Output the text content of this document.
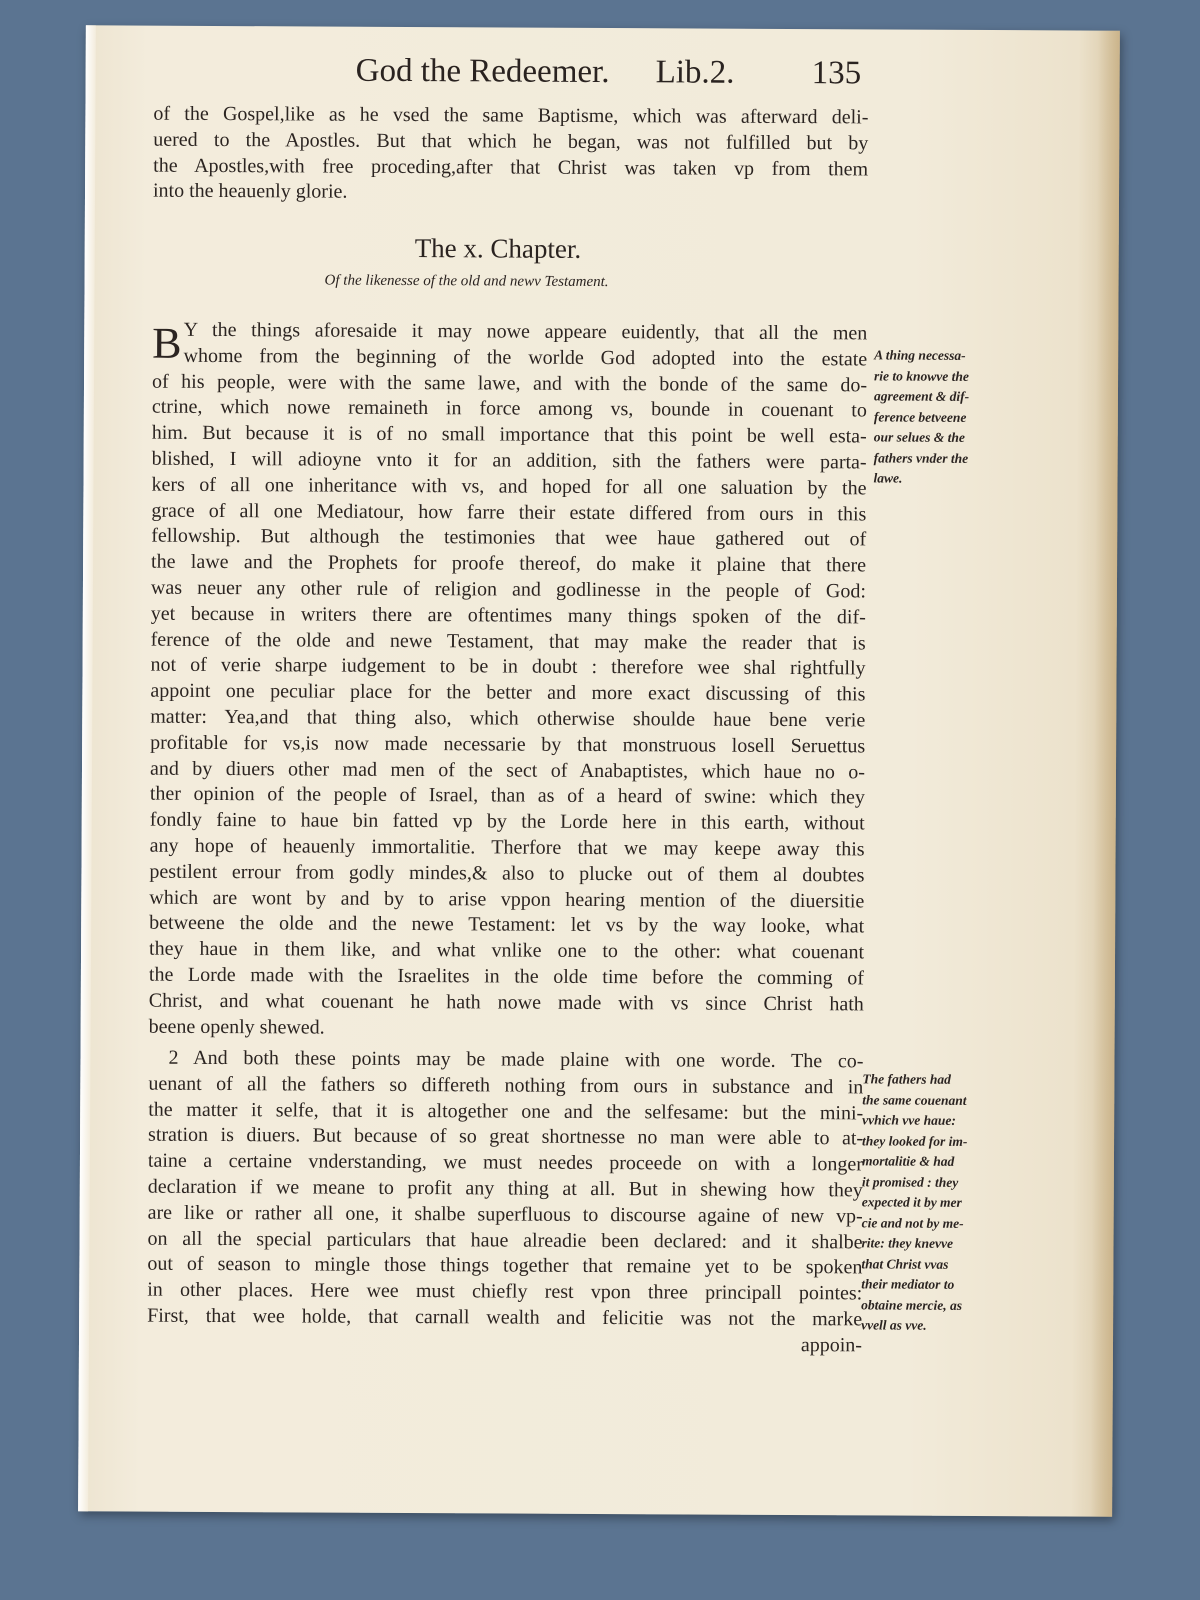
God the Redeemer. Lib.2. 135
of the Gospel,like as he vsed the same Baptisme, which was afterward deli-
uered to the Apostles. But that which he began, was not fulfilled but by
the Apostles,with free proceding,after that Christ was taken vp from them
into the heauenly glorie.
The x. Chapter.
Of the likenesse of the old and newv Testament.
B Y the things aforesaide it may nowe appeare euidently, that all the men
whome from the beginning of the worlde God adopted into the estate
of his people, were with the same lawe, and with the bonde of the same do-
ctrine, which nowe remaineth in force among vs, bounde in couenant to
him. But because it is of no small importance that this point be well esta-
blished, I will adioyne vnto it for an addition, sith the fathers were parta-
kers of all one inheritance with vs, and hoped for all one saluation by the
grace of all one Mediatour, how farre their estate differed from ours in this
fellowship. But although the testimonies that wee haue gathered out of
the lawe and the Prophets for proofe thereof, do make it plaine that there
was neuer any other rule of religion and godlinesse in the people of God:
yet because in writers there are oftentimes many things spoken of the dif-
ference of the olde and newe Testament, that may make the reader that is
not of verie sharpe iudgement to be in doubt : therefore wee shal rightfully
appoint one peculiar place for the better and more exact discussing of this
matter: Yea,and that thing also, which otherwise shoulde haue bene verie
profitable for vs,is now made necessarie by that monstruous losell Seruettus
and by diuers other mad men of the sect of Anabaptistes, which haue no o-
ther opinion of the people of Israel, than as of a heard of swine: which they
fondly faine to haue bin fatted vp by the Lorde here in this earth, without
any hope of heauenly immortalitie. Therfore that we may keepe away this
pestilent errour from godly mindes,& also to plucke out of them al doubtes
which are wont by and by to arise vppon hearing mention of the diuersitie
betweene the olde and the newe Testament: let vs by the way looke, what
they haue in them like, and what vnlike one to the other: what couenant
the Lorde made with the Israelites in the olde time before the comming of
Christ, and what couenant he hath nowe made with vs since Christ hath
beene openly shewed.
2 And both these points may be made plaine with one worde. The co-
uenant of all the fathers so differeth nothing from ours in substance and in
the matter it selfe, that it is altogether one and the selfesame: but the mini-
stration is diuers. But because of so great shortnesse no man were able to at-
taine a certaine vnderstanding, we must needes proceede on with a longer
declaration if we meane to profit any thing at all. But in shewing how they
are like or rather all one, it shalbe superfluous to discourse againe of new vp-
on all the special particulars that haue alreadie been declared: and it shalbe
out of season to mingle those things together that remaine yet to be spoken
in other places. Here wee must chiefly rest vpon three principall pointes:
First, that wee holde, that carnall wealth and felicitie was not the marke
appoin-
A thing necessa-
rie to knowve the
agreement & dif-
ference betveene
our selues & the
fathers vnder the
lawe.
The fathers had
the same couenant
vvhich vve haue:
they looked for im-
mortalitie & had
it promised : they
expected it by mer
cie and not by me-
rite: they knevve
that Christ vvas
their mediator to
obtaine mercie, as
vvell as vve.
